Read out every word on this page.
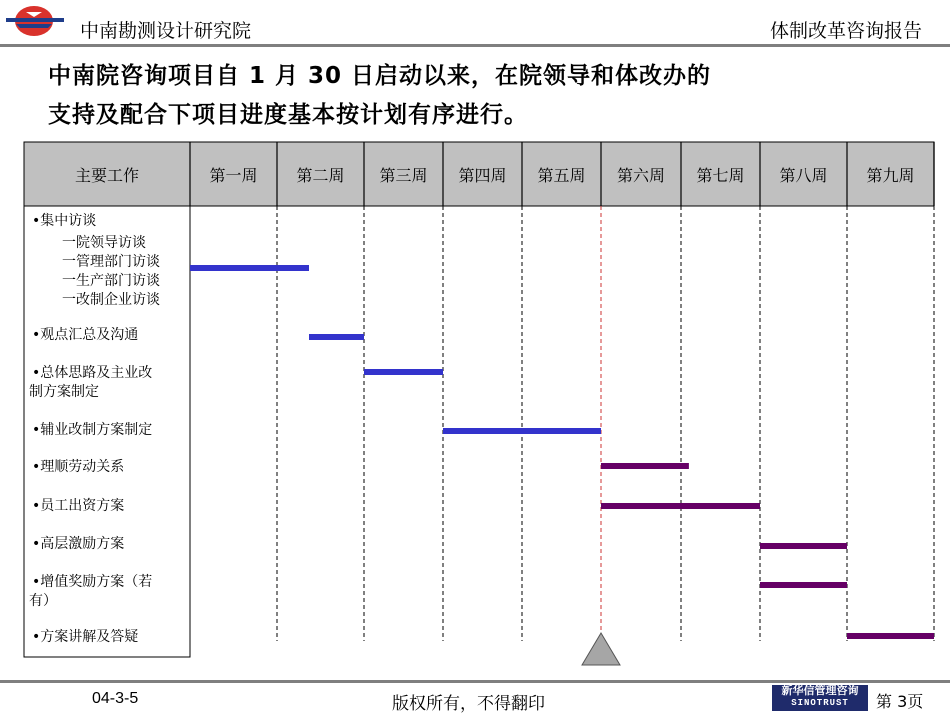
中南勘测设计研究院	体制改革咨询报告
中南院咨询项目自 1 月 30 日启动以来，在院领导和体改办的
支持及配合下项目进度基本按计划有序进行。
主要工作	第一周	第二周	第三周	第四周	第五周	第六周	第七周	第八周	第九周
•集中访谈
一院领导访谈
一管理部门访谈
一生产部门访谈
一改制企业访谈
•观点汇总及沟通
•总体思路及主业改
制方案制定
•辅业改制方案制定
•理顺劳动关系
•员工出资方案
•高层激励方案
•增值奖励方案（若
有）
•方案讲解及答疑
04-3-5	版权所有，不得翻印
新华信管理咨询
SINOTRUST	第 3页
